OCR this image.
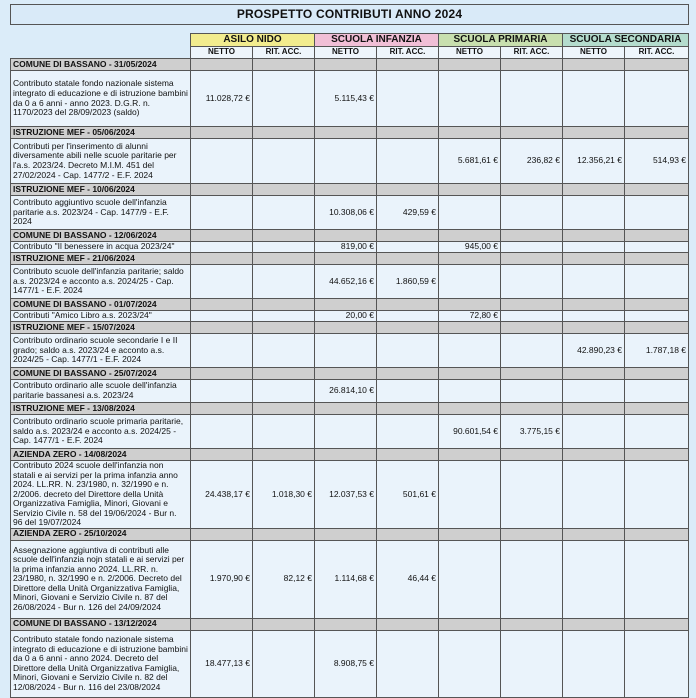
PROSPETTO CONTRIBUTI ANNO 2024								

	ASILO NIDO		SCUOLA INFANZIA		SCUOLA PRIMARIA		SCUOLA SECONDARIA	
	NETTO	RIT. ACC.	NETTO	RIT. ACC.	NETTO	RIT. ACC.	NETTO	RIT. ACC.
COMUNE DI BASSANO - 31/05/2024								
Contributo statale fondo nazionale sistema integrato di educazione e di istruzione bambini da 0 a 6 anni - anno 2023. D.G.R. n. 1170/2023 del 28/09/2023 (saldo)	11.028,72 €		5.115,43 €					
ISTRUZIONE MEF - 05/06/2024								
Contributi per l'inserimento di alunni diversamente abili nelle scuole paritarie per l'a.s. 2023/24. Decreto M.I.M. 451 del 27/02/2024 - Cap. 1477/2 - E.F. 2024					5.681,61 €	236,82 €	12.356,21 €	514,93 €
ISTRUZIONE MEF - 10/06/2024								
Contributo aggiuntivo scuole dell'infanzia paritarie a.s. 2023/24 - Cap. 1477/9 - E.F. 2024			10.308,06 €	429,59 €				
COMUNE DI BASSANO - 12/06/2024								
Contributo "Il benessere in acqua 2023/24"			819,00 €		945,00 €			
ISTRUZIONE MEF - 21/06/2024								
Contributo scuole dell'infanzia paritarie; saldo a.s. 2023/24 e acconto a.s. 2024/25 - Cap. 1477/1 - E.F. 2024			44.652,16 €	1.860,59 €				
COMUNE DI BASSANO - 01/07/2024								
Contributi "Amico Libro a.s. 2023/24"			20,00 €		72,80 €			
ISTRUZIONE MEF - 15/07/2024								
Contributo ordinario scuole secondarie I e II grado; saldo a.s. 2023/24 e acconto a.s. 2024/25 - Cap. 1477/1 - E.F. 2024							42.890,23 €	1.787,18 €
COMUNE DI BASSANO - 25/07/2024								
Contributo ordinario alle scuole dell'infanzia paritarie bassanesi a.s. 2023/24			26.814,10 €					
ISTRUZIONE MEF - 13/08/2024								
Contributo ordinario scuole primaria paritarie, saldo a.s. 2023/24 e acconto a.s. 2024/25 - Cap. 1477/1 - E.F. 2024					90.601,54 €	3.775,15 €		
AZIENDA ZERO - 14/08/2024								
Contributo 2024 scuole dell'infanzia non statali e ai servizi per la prima infanzia anno 2024. LL.RR. N. 23/1980, n. 32/1990 e n. 2/2006. decreto del Direttore della Unità Organizzativa Famiglia, Minori, Giovani e Servizio Civile n. 58 del 19/06/2024 - Bur n. 96 del 19/07/2024	24.438,17 €	1.018,30 €	12.037,53 €	501,61 €				
AZIENDA ZERO - 25/10/2024								
Assegnazione aggiuntiva di contributi alle scuole dell'infanzia nojn statali e ai servizi per la prima infanzia anno 2024. LL.RR. n. 23/1980, n. 32/1990 e n. 2/2006. Decreto del Direttore della Unità Organizzativa Famiglia, Minori, Giovani e Servizio Civile n. 87 del 26/08/2024 - Bur n. 126 del 24/09/2024	1.970,90 €	82,12 €	1.114,68 €	46,44 €				
COMUNE DI BASSANO - 13/12/2024								
Contributo statale fondo nazionale sistema integrato di educazione e di istruzione bambini da 0 a 6 anni - anno 2024. Decreto del Direttore della Unità Organizzativa Famiglia, Minori, Giovani e Servizio Civile n. 82 del 12/08/2024 - Bur n. 116 del 23/08/2024	18.477,13 €		8.908,75 €					
